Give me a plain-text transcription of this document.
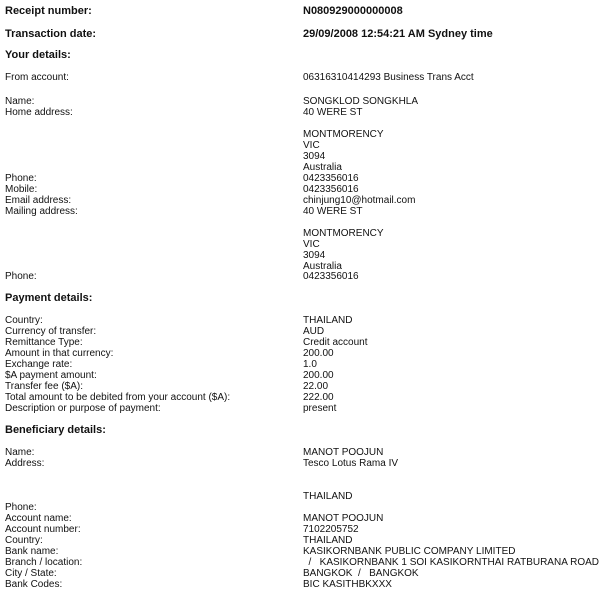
Receipt number:	N080929000000008
Transaction date:	29/09/2008 12:54:21 AM Sydney time
Your details:
From account:	06316310414293 Business Trans Acct
Name:	SONGKLOD SONGKHLA
Home address:	40 WERE ST
MONTMORENCY
VIC
3094
Australia
Phone:	0423356016
Mobile:	0423356016
Email address:	chinjung10@hotmail.com
Mailing address:	40 WERE ST
MONTMORENCY
VIC
3094
Australia
Phone:	0423356016
Payment details:
Country:	THAILAND
Currency of transfer:	AUD
Remittance Type:	Credit account
Amount in that currency:	200.00
Exchange rate:	1.0
$A payment amount:	200.00
Transfer fee ($A):	22.00
Total amount to be debited from your account ($A):	222.00
Description or purpose of payment:	present
Beneficiary details:
Name:	MANOT POOJUN
Address:	Tesco Lotus Rama IV
THAILAND
Phone:
Account name:	MANOT POOJUN
Account number:	7102205752
Country:	THAILAND
Bank name:	KASIKORNBANK PUBLIC COMPANY LIMITED
Branch / location:	/   KASIKORNBANK 1 SOI KASIKORNTHAI RATBURANA ROAD
City / State:	BANGKOK  /   BANGKOK
Bank Codes:	BIC KASITHBKXXX
